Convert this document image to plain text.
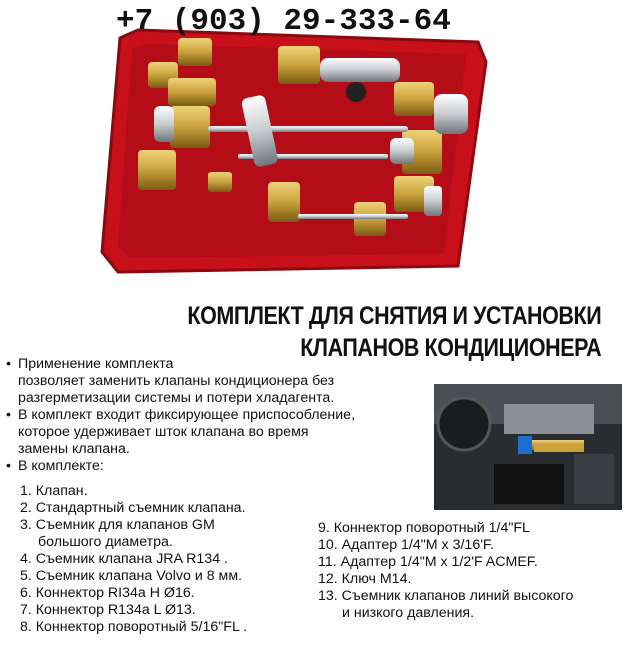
+7 (903) 29-333-64
КОМПЛЕКТ ДЛЯ СНЯТИЯ И УСТАНОВКИ
КЛАПАНОВ КОНДИЦИОНЕРА
• Применение комплекта
позволяет заменить клапаны кондиционера без
разгерметизации системы и потери хладагента.
• В комплект входит фиксирующее приспособление,
которое удерживает шток клапана во время
замены клапана.
• В комплекте:
1. Клапан.
2. Стандартный съемник клапана.
3. Съемник для клапанов GM
большого диаметра.
4. Съемник клапана JRA R134 .
5. Съемник клапана Volvo и 8 мм.
6. Коннектор RI34a H Ø16.
7. Коннектор R134a L Ø13.
8. Коннектор поворотный 5/16"FL .
9. Коннектор поворотный 1/4"FL
10. Адаптер 1/4"M x 3/16'F.
11. Адаптер 1/4"M x 1/2'F ACMEF.
12. Ключ M14.
13. Съемник клапанов линий высокого
и низкого давления.
